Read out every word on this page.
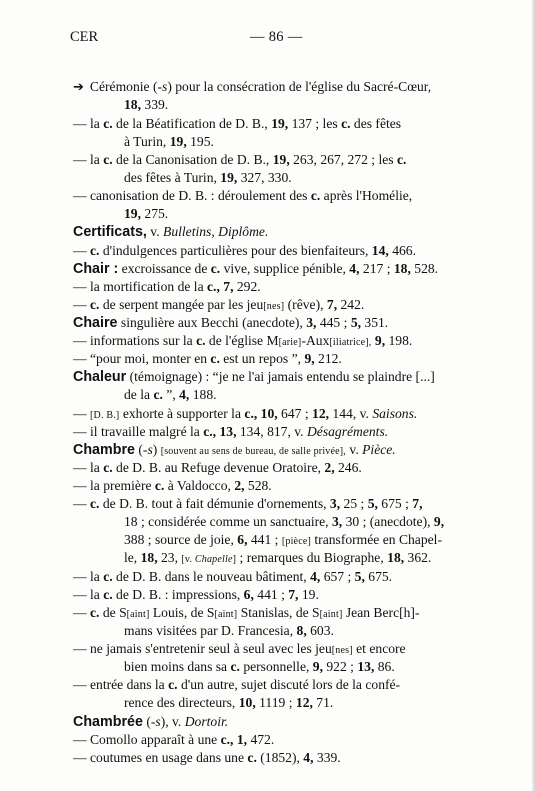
CER	— 86 —
➔ Cérémonie (-s) pour la consécration de l'église du Sacré-Cœur,
18, 339.
— la c. de la Béatification de D. B., 19, 137 ; les c. des fêtes
à Turin, 19, 195.
— la c. de la Canonisation de D. B., 19, 263, 267, 272 ; les c.
des fêtes à Turin, 19, 327, 330.
— canonisation de D. B. : déroulement des c. après l'Homélie,
19, 275.
Certificats, v. Bulletins, Diplôme.
— c. d'indulgences particulières pour des bienfaiteurs, 14, 466.
Chair : excroissance de c. vive, supplice pénible, 4, 217 ; 18, 528.
— la mortification de la c., 7, 292.
— c. de serpent mangée par les jeu[nes] (rêve), 7, 242.
Chaire singulière aux Becchi (anecdote), 3, 445 ; 5, 351.
— informations sur la c. de l'église M[arie]-Aux[iliatrice], 9, 198.
— “pour moi, monter en c. est un repos ”, 9, 212.
Chaleur (témoignage) : “je ne l'ai jamais entendu se plaindre [...]
de la c. ”, 4, 188.
— [D. B.] exhorte à supporter la c., 10, 647 ; 12, 144, v. Saisons.
— il travaille malgré la c., 13, 134, 817, v. Désagréments.
Chambre (-s) [souvent au sens de bureau, de salle privée], v. Pièce.
— la c. de D. B. au Refuge devenue Oratoire, 2, 246.
— la première c. à Valdocco, 2, 528.
— c. de D. B. tout à fait démunie d'ornements, 3, 25 ; 5, 675 ; 7,
18 ; considérée comme un sanctuaire, 3, 30 ; (anecdote), 9,
388 ; source de joie, 6, 441 ; [pièce] transformée en Chapel-
le, 18, 23, [v. Chapelle] ; remarques du Biographe, 18, 362.
— la c. de D. B. dans le nouveau bâtiment, 4, 657 ; 5, 675.
— la c. de D. B. : impressions, 6, 441 ; 7, 19.
— c. de S[aint] Louis, de S[aint] Stanislas, de S[aint] Jean Berc[h]-
mans visitées par D. Francesia, 8, 603.
— ne jamais s'entretenir seul à seul avec les jeu[nes] et encore
bien moins dans sa c. personnelle, 9, 922 ; 13, 86.
— entrée dans la c. d'un autre, sujet discuté lors de la confé-
rence des directeurs, 10, 1119 ; 12, 71.
Chambrée (-s), v. Dortoir.
— Comollo apparaît à une c., 1, 472.
— coutumes en usage dans une c. (1852), 4, 339.
